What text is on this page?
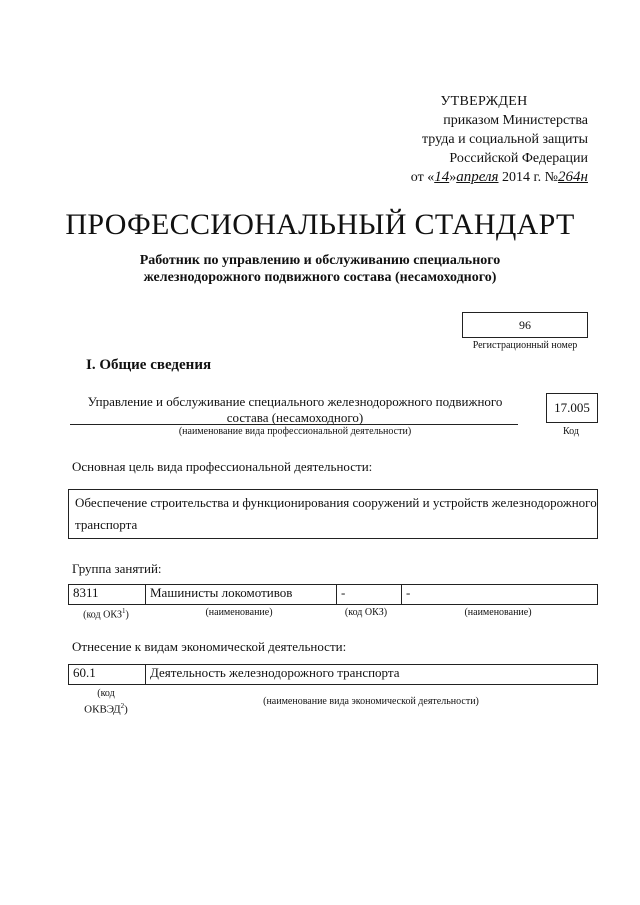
УТВЕРЖДЕН
приказом Министерства
труда и социальной защиты
Российской Федерации
от «14»апреля 2014 г. №264н
ПРОФЕССИОНАЛЬНЫЙ СТАНДАРТ
Работник по управлению и обслуживанию специального
железнодорожного подвижного состава (несамоходного)
96
Регистрационный номер
I. Общие сведения
Управление и обслуживание специального железнодорожного подвижного
состава (несамоходного)
(наименование вида профессиональной деятельности)
17.005
Код
Основная цель вида профессиональной деятельности:
Обеспечение строительства и функционирования сооружений и устройств железнодорожного транспорта
Группа занятий:
8311	Машинисты локомотивов	-	-
(код ОКЗ$^1$)	(наименование)	(код ОКЗ)	(наименование)
Отнесение к видам экономической деятельности:
60.1	Деятельность железнодорожного транспорта
(код
ОКВЭД$^2$)
(наименование вида экономической деятельности)
